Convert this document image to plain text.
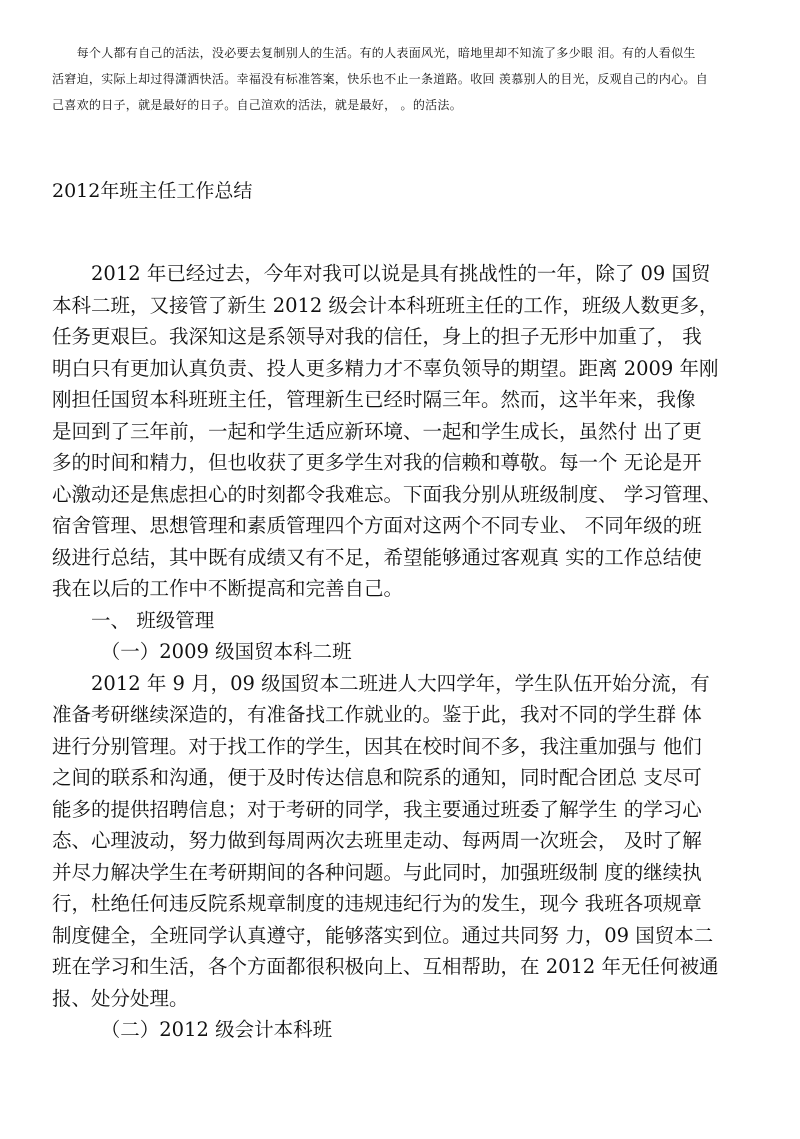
　　每个人都有自己的活法，没必要去复制别人的生活。有的人表面风光，暗地里却不知流了多少眼 泪。有的人看似生
活窘迫，实际上却过得潇洒快活。幸福没有标准答案，快乐也不止一条道路。收回 羡慕别人的目光，反观自己的内心。自
己喜欢的日子，就是最好的日子。自己渲欢的活法，就是最好， 。的活法。
2012年班主任工作总结
　　2012 年已经过去，今年对我可以说是具有挑战性的一年，除了 09 国贸
本科二班，又接管了新生 2012 级会计本科班班主任的工作，班级人数更多，
任务更艰巨。我深知这是系领导对我的信任，身上的担子无形中加重了， 我
明白只有更加认真负责、投人更多精力才不辜负领导的期望。距离 2009 年刚
刚担任国贸本科班班主任，管理新生已经时隔三年。然而，这半年来，我像
是回到了三年前，一起和学生适应新环境、一起和学生成长，虽然付 出了更
多的时间和精力，但也收获了更多学生对我的信赖和尊敬。每一个 无论是开
心激动还是焦虑担心的时刻都令我难忘。下面我分别从班级制度、 学习管理、
宿舍管理、思想管理和素质管理四个方面对这两个不同专业、 不同年级的班
级进行总结，其中既有成绩又有不足，希望能够通过客观真 实的工作总结使
我在以后的工作中不断提高和完善自己。
　　一、 班级管理
　　　（一）2009 级国贸本科二班
　　2012 年 9 月，09 级国贸本二班进人大四学年，学生队伍开始分流，有
准备考研继续深造的，有准备找工作就业的。鉴于此，我对不同的学生群 体
进行分别管理。对于找工作的学生，因其在校时间不多，我注重加强与 他们
之间的联系和沟通，便于及时传达信息和院系的通知，同时配合团总 支尽可
能多的提供招聘信息；对于考研的同学，我主要通过班委了解学生 的学习心
态、心理波动，努力做到每周两次去班里走动、每两周一次班会， 及时了解
并尽力解决学生在考研期间的各种问题。与此同时，加强班级制 度的继续执
行，杜绝任何违反院系规章制度的违规违纪行为的发生，现今 我班各项规章
制度健全，全班同学认真遵守，能够落实到位。通过共同努 力，09 国贸本二
班在学习和生活，各个方面都很积极向上、互相帮助，在 2012 年无任何被通
报、处分处理。
　　　（二）2012 级会计本科班
